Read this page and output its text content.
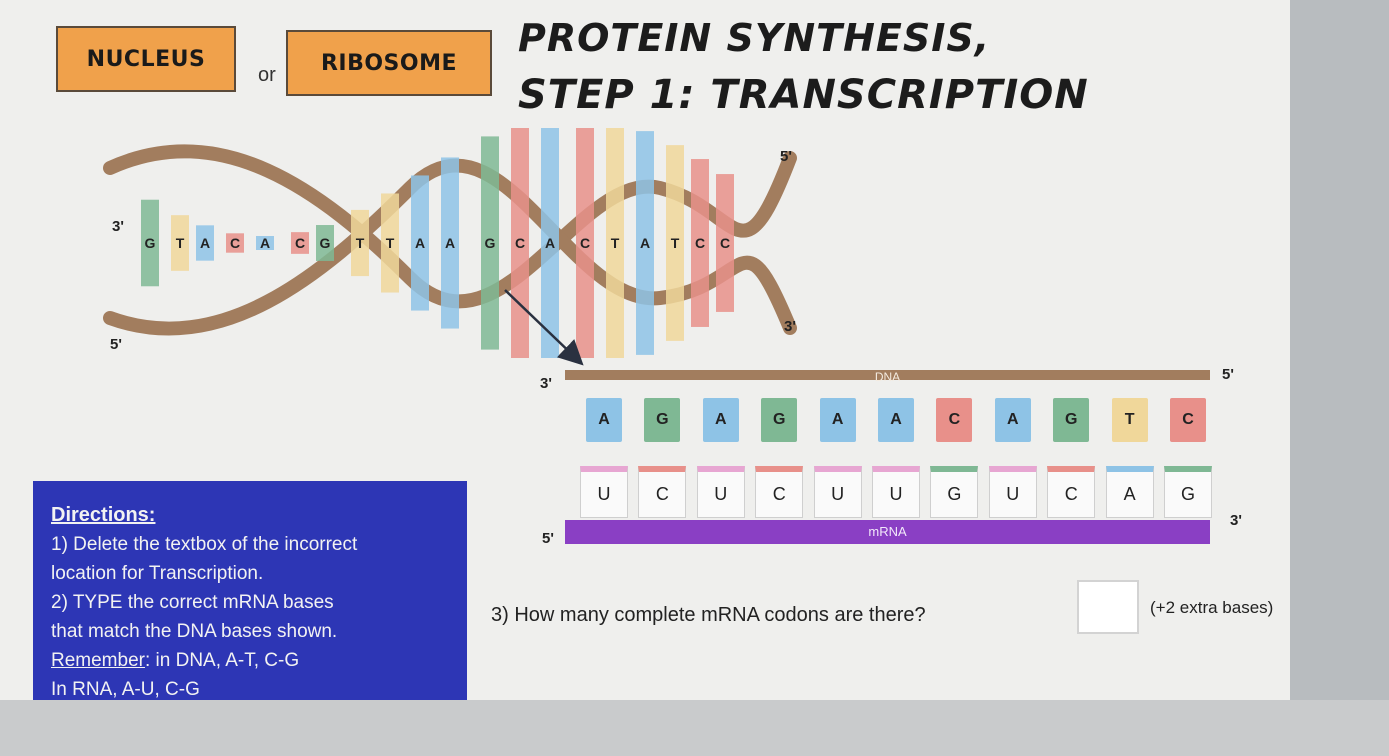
NUCLEUS
or	RIBOSOME
PROTEIN SYNTHESIS,
STEP 1: TRANSCRIPTION
G T A C A C G T T A A G C A C T A T C C
3'
5'
5'
3'
3'	DNA	5'
A	G	A	G	A	A	C	A	G	T	C
U	C	U	C	U	U	G	U	C	A	G
5'	mRNA
3'
Directions:
1) Delete the textbox of the incorrect
location for Transcription.
2) TYPE the correct mRNA bases
that match the DNA bases shown.
Remember: in DNA, A-T, C-G
In RNA, A-U, C-G
3) How many complete mRNA codons are there?	(+2 extra bases)
